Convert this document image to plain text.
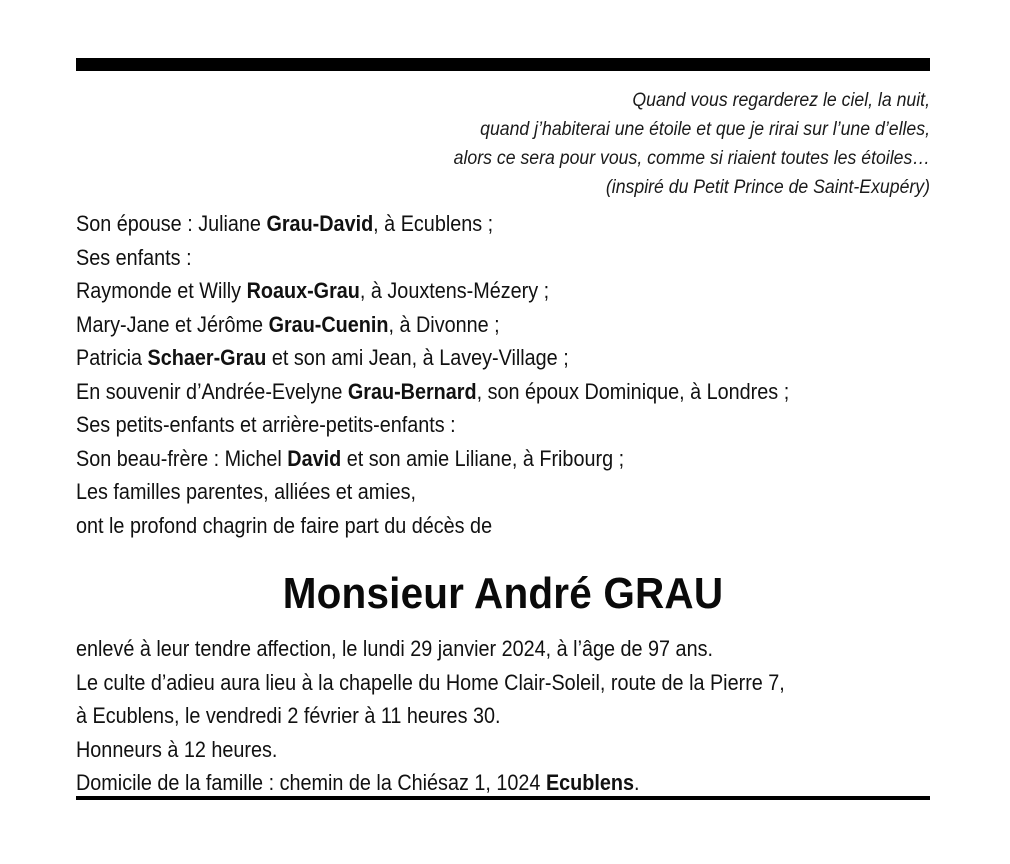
Quand vous regarderez le ciel, la nuit,
quand j’habiterai une étoile et que je rirai sur l’une d’elles,
alors ce sera pour vous, comme si riaient toutes les étoiles…
(inspiré du Petit Prince de Saint-Exupéry)
Son épouse : Juliane Grau-David, à Ecublens ;
Ses enfants :
Raymonde et Willy Roaux-Grau, à Jouxtens-Mézery ;
Mary-Jane et Jérôme Grau-Cuenin, à Divonne ;
Patricia Schaer-Grau et son ami Jean, à Lavey-Village ;
En souvenir d’Andrée-Evelyne Grau-Bernard, son époux Dominique, à Londres ;
Ses petits-enfants et arrière-petits-enfants :
Son beau-frère : Michel David et son amie Liliane, à Fribourg ;
Les familles parentes, alliées et amies,
ont le profond chagrin de faire part du décès de
Monsieur André GRAU
enlevé à leur tendre affection, le lundi 29 janvier 2024, à l’âge de 97 ans.
Le culte d’adieu aura lieu à la chapelle du Home Clair-Soleil, route de la Pierre 7,
à Ecublens, le vendredi 2 février à 11 heures 30.
Honneurs à 12 heures.
Domicile de la famille : chemin de la Chiésaz 1, 1024 Ecublens.
